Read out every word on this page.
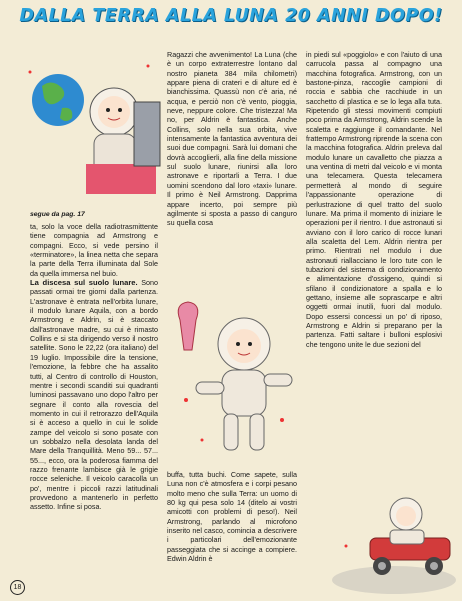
DALLA TERRA ALLA LUNA 20 ANNI DOPO!
segue da pag. 17

ta, solo la voce della radiotrasmittente tiene compagnia ad Armstrong e compagni. Ecco, si vede persino il «terminatore», la linea netta che separa la parte della Terra illuminata dal Sole da quella immersa nel buio.

La discesa sul suolo lunare. Sono passati ormai tre giorni dalla partenza. L'astronave è entrata nell'orbita lunare, il modulo lunare Aquila, con a bordo Armstrong e Aldrin, si è staccato dall'astronave madre, su cui è rimasto Collins e si sta dirigendo verso il nostro satellite. Sono le 22,22 (ora italiano) del 19 luglio. Impossibile dire la tensione, l'emozione, la febbre che ha assalito tutti, al Centro di controllo di Houston, mentre i secondi scanditi sui quadranti luminosi passavano uno dopo l'altro per segnare il conto alla rovescia del momento in cui il retrorazzo dell'Aquila si è acceso a quello in cui le solide zampe del veicolo si sono posate con un sobbalzo nella desolata landa del Mare della Tranquillità. Meno 59... 57... 55..., ecco, ora la poderosa fiamma del razzo frenante lambisce già le grigie rocce seleniche. Il veicolo caracolla un po', mentre i piccoli razzi latitudinali provvedono a mantenerlo in perfetto assetto. Infine si posa.

Ragazzi che avvenimento! La Luna (che è un corpo extraterrestre lontano dal nostro pianeta 384 mila chilometri) appare piena di crateri e di alture ed è bianchissima. Quassù non c'è aria, né acqua, e perciò non c'è vento, pioggia, neve, neppure colore. Che tristezza! Ma no, per Aldrin è fantastica. Anche Collins, solo nella sua orbita, vive intensamente la fantastica avventura dei suoi due compagni. Sarà lui domani che dovrà accoglierli, alla fine della missione sul suolo lunare, riunirsi alla loro astronave e riportarli a Terra. I due uomini scendono dal loro «taxi» lunare. Il primo è Neil Armstrong. Dapprima appare incerto, poi sempre più agilmente si sposta a passo di canguro su quella cosa

buffa, tutta buchi. Come sapete, sulla Luna non c'è atmosfera e i corpi pesano molto meno che sulla Terra: un uomo di 80 kg qui pesa solo 14 (ditelo ai vostri amicotti con problemi di peso!). Neil Armstrong, parlando al microfono inserito nel casco, comincia a descrivere i particolari dell'emozionante passeggiata che si accinge a compiere. Edwin Aldrin è

in piedi sul «poggiolo» e con l'aiuto di una carrucola passa al compagno una macchina fotografica. Armstrong, con un bastone-pinza, raccoglie campioni di roccia e sabbia che racchiude in un sacchetto di plastica e se lo lega alla tuta. Ripetendo gli stessi movimenti compiuti poco prima da Armstrong, Aldrin scende la scaletta e raggiunge il comandante. Nel frattempo Armstrong riprende la scena con la macchina fotografica. Aldrin preleva dal modulo lunare un cavalletto che piazza a una ventina di metri dal veicolo e vi monta una telecamera. Questa telecamera permetterà al mondo di seguire l'appassionante operazione di perlustrazione di quel tratto del suolo lunare. Ma prima il momento di iniziare le operazioni per il rientro. I due astronauti si avviano con il loro carico di rocce lunari alla scaletta del Lem. Aldrin rientra per primo. Rientrati nel modulo i due astronauti riallacciano le loro tute con le tubazioni del sistema di condizionamento e alimentazione d'ossigeno, quindi si sfilano il condizionatore a spalla e lo gettano, insieme alle soprascarpe e altri oggetti ormai inutili, fuori dal modulo. Dopo essersi concessi un po' di riposo, Armstrong e Aldrin si preparano per la partenza. Fatti saltare i bulloni esplosivi che tengono unite le due sezioni del

18
